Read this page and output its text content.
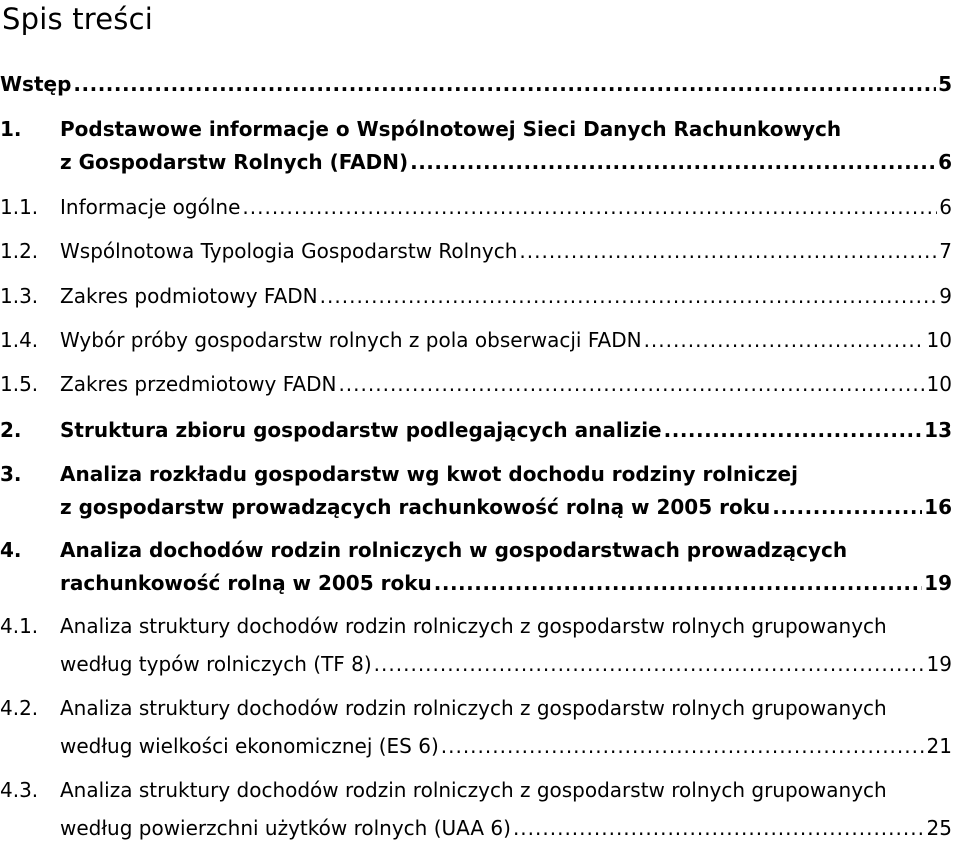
Spis treści
Wstęp .....	5
1.	Podstawowe informacje o Wspólnotowej Sieci Danych Rachunkowych
z Gospodarstw Rolnych (FADN) .....	6
1.1.	Informacje ogólne .....	6
1.2.	Wspólnotowa Typologia Gospodarstw Rolnych .....	7
1.3.	Zakres podmiotowy FADN .....	9
1.4.	Wybór próby gospodarstw rolnych z pola obserwacji FADN .....	10
1.5.	Zakres przedmiotowy FADN .....	10
2.	Struktura zbioru gospodarstw podlegających analizie .....	13
3.	Analiza rozkładu gospodarstw wg kwot dochodu rodziny rolniczej
z gospodarstw prowadzących rachunkowość rolną w 2005 roku .....	16
4.	Analiza dochodów rodzin rolniczych w gospodarstwach prowadzących
rachunkowość rolną w 2005 roku .....	19
4.1.	Analiza struktury dochodów rodzin rolniczych z gospodarstw rolnych grupowanych
według typów rolniczych (TF 8) .....	19
4.2.	Analiza struktury dochodów rodzin rolniczych z gospodarstw rolnych grupowanych
według wielkości ekonomicznej (ES 6) .....	21
4.3.	Analiza struktury dochodów rodzin rolniczych z gospodarstw rolnych grupowanych
według powierzchni użytków rolnych (UAA 6) .....	25
